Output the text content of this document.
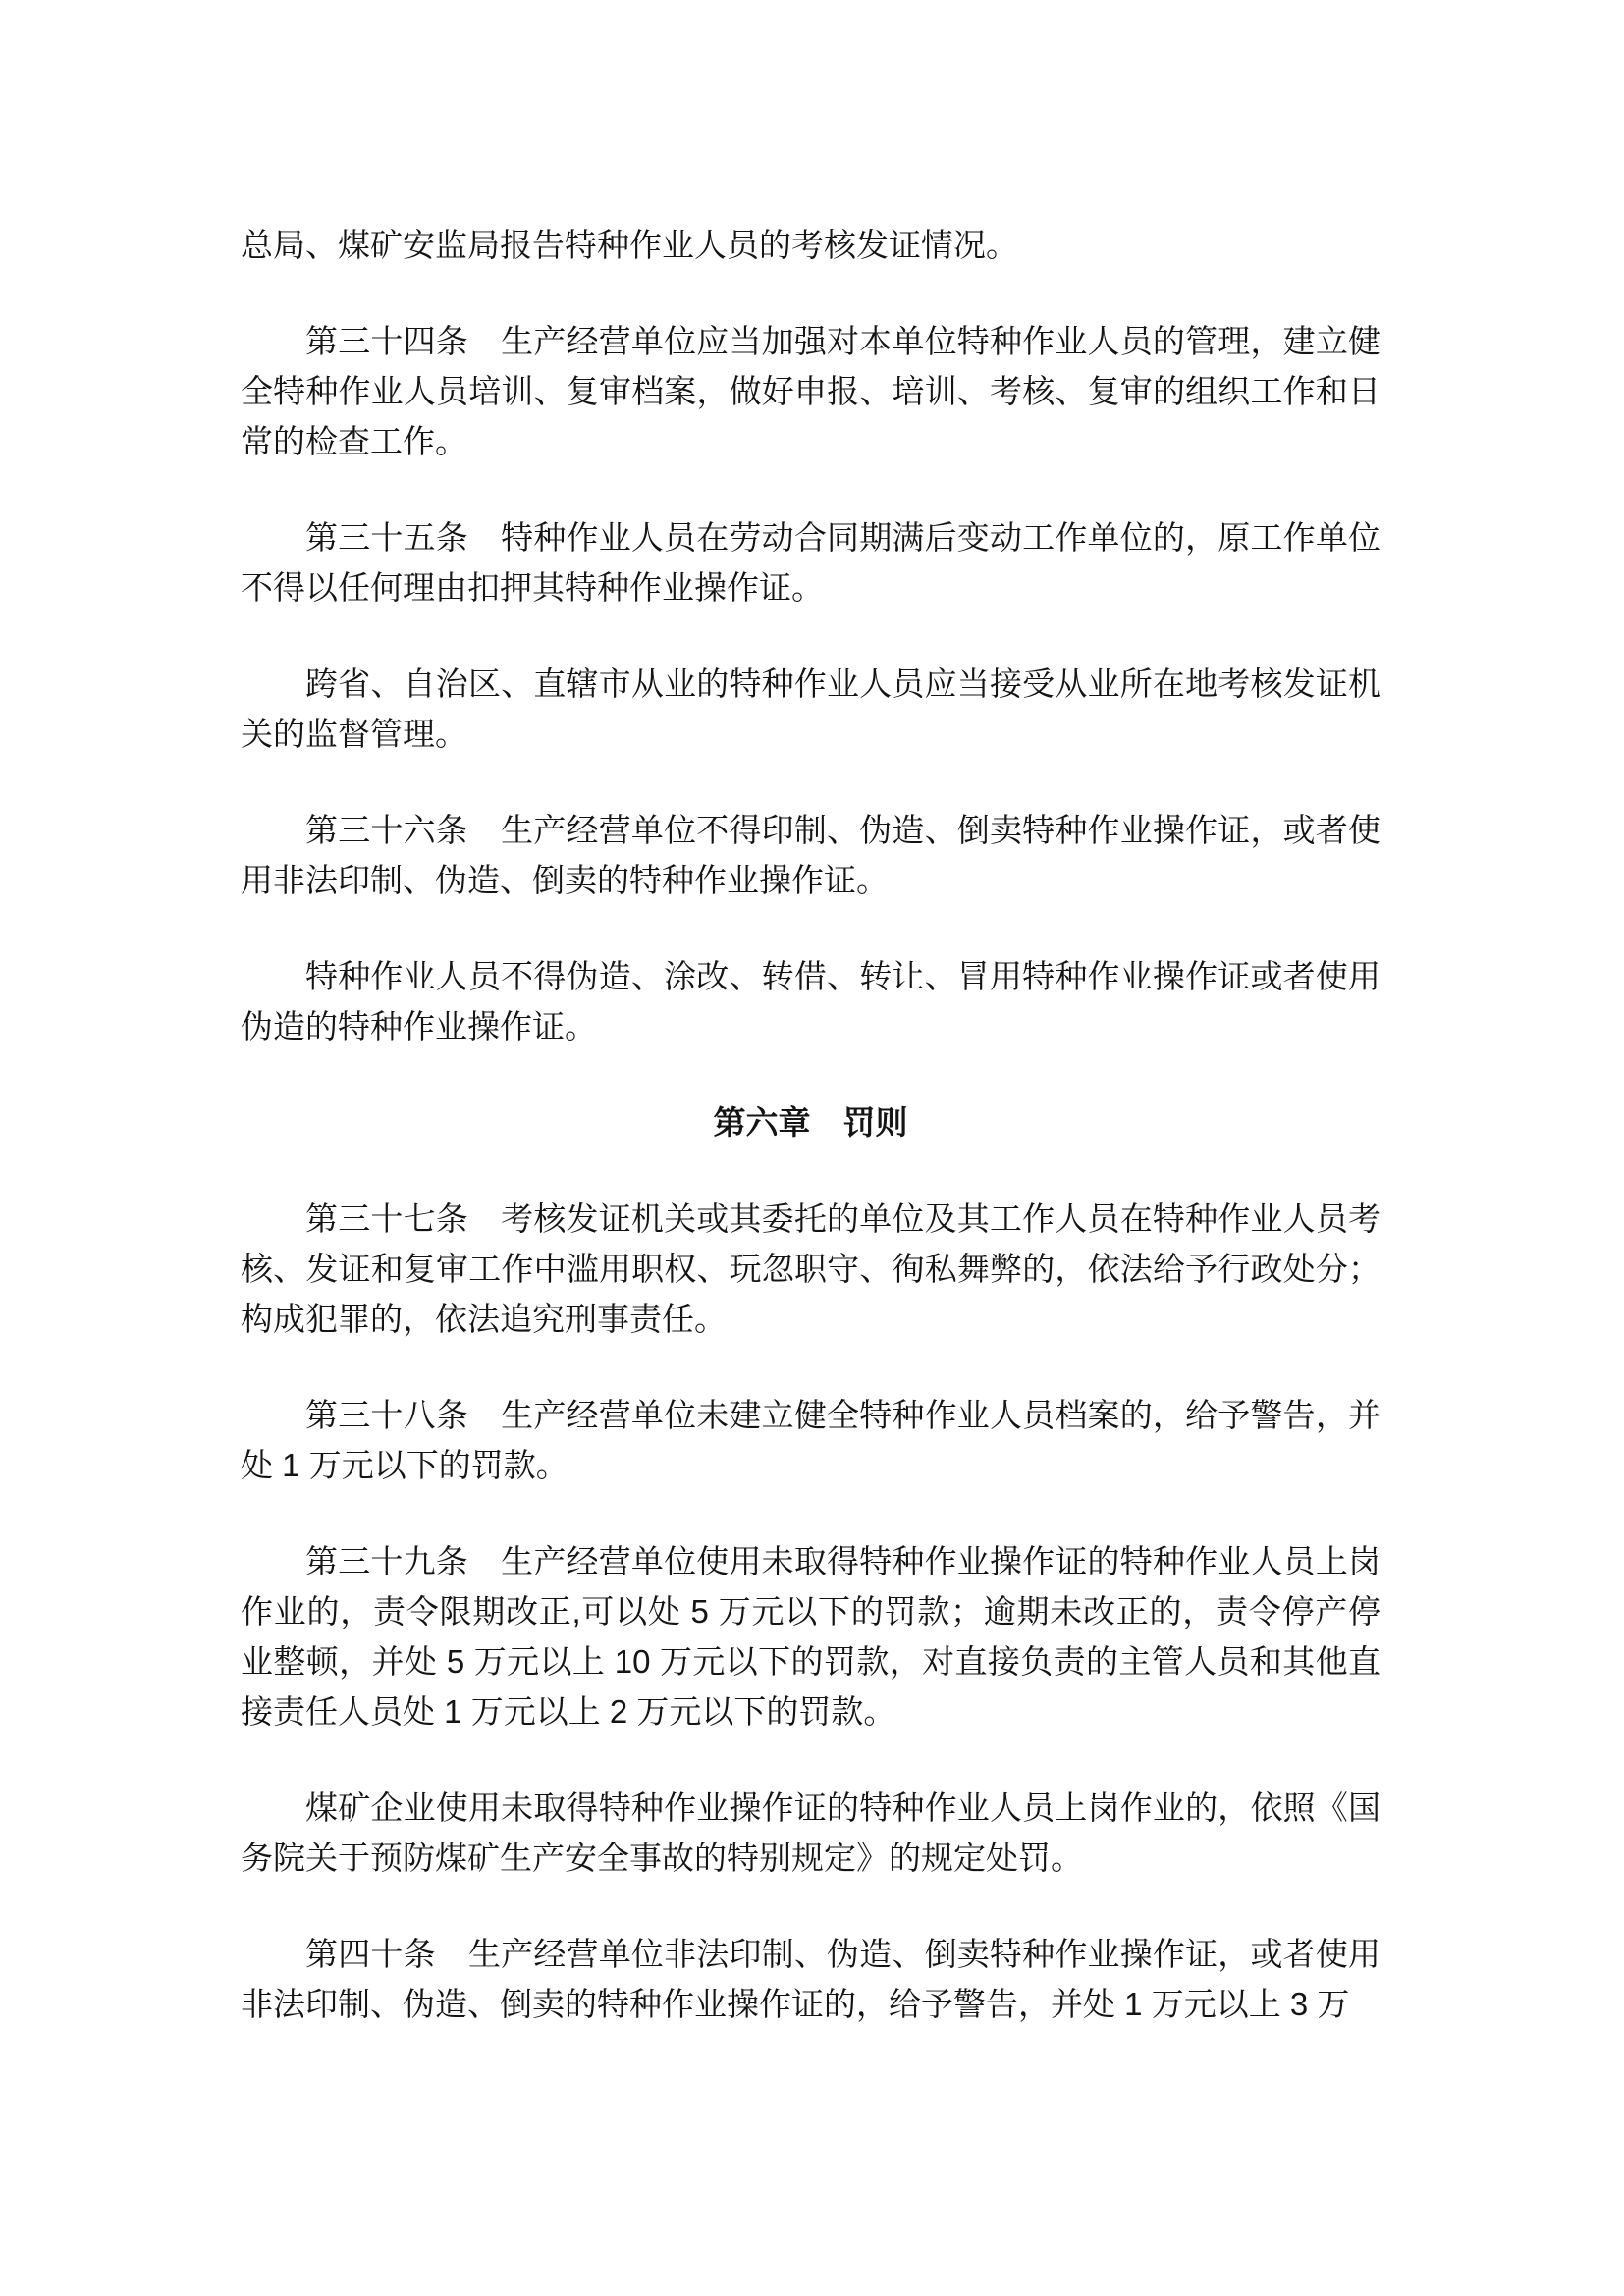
总局、煤矿安监局报告特种作业人员的考核发证情况。

第三十四条　生产经营单位应当加强对本单位特种作业人员的管理，建立健全特种作业人员培训、复审档案，做好申报、培训、考核、复审的组织工作和日常的检查工作。

第三十五条　特种作业人员在劳动合同期满后变动工作单位的，原工作单位不得以任何理由扣押其特种作业操作证。

跨省、自治区、直辖市从业的特种作业人员应当接受从业所在地考核发证机关的监督管理。

第三十六条　生产经营单位不得印制、伪造、倒卖特种作业操作证，或者使用非法印制、伪造、倒卖的特种作业操作证。

特种作业人员不得伪造、涂改、转借、转让、冒用特种作业操作证或者使用伪造的特种作业操作证。

第六章　罚则

第三十七条　考核发证机关或其委托的单位及其工作人员在特种作业人员考核、发证和复审工作中滥用职权、玩忽职守、徇私舞弊的，依法给予行政处分；构成犯罪的，依法追究刑事责任。

第三十八条　生产经营单位未建立健全特种作业人员档案的，给予警告，并处 1 万元以下的罚款。

第三十九条　生产经营单位使用未取得特种作业操作证的特种作业人员上岗作业的，责令限期改正,可以处 5 万元以下的罚款；逾期未改正的，责令停产停业整顿，并处 5 万元以上 10 万元以下的罚款，对直接负责的主管人员和其他直接责任人员处 1 万元以上 2 万元以下的罚款。

煤矿企业使用未取得特种作业操作证的特种作业人员上岗作业的，依照《国务院关于预防煤矿生产安全事故的特别规定》的规定处罚。

第四十条　生产经营单位非法印制、伪造、倒卖特种作业操作证，或者使用非法印制、伪造、倒卖的特种作业操作证的，给予警告，并处 1 万元以上 3 万
